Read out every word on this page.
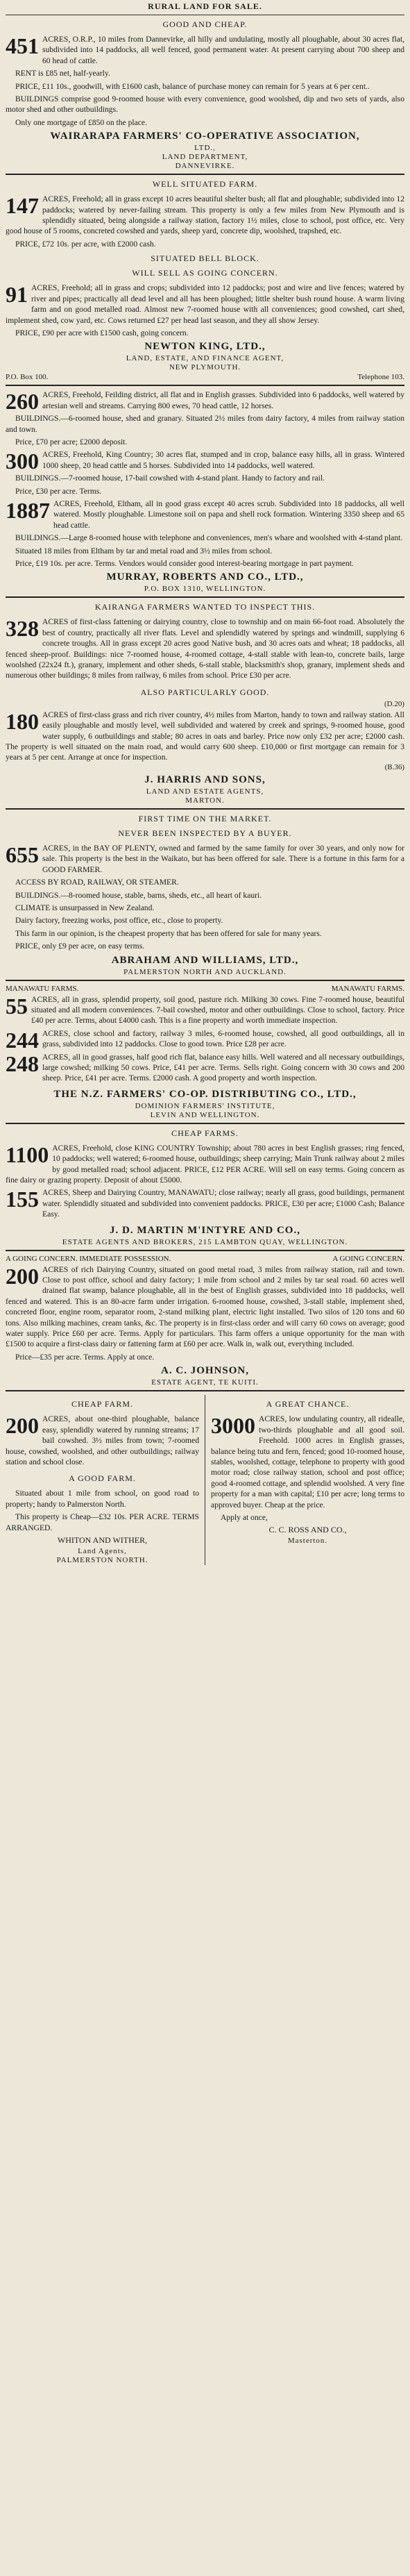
RURAL LAND FOR SALE.
GOOD AND CHEAP.

451 ACRES, O.R.P., 10 miles from Dannevirke, all hilly and undulating, mostly all ploughable, about 30 acres flat, subdivided into 14 paddocks, all well fenced, good permanent water. At present carrying about 700 sheep and 60 head of cattle.

RENT is £85 net, half-yearly.

PRICE, £11 10s., goodwill, with £1600 cash, balance of purchase money can remain for 5 years at 6 per cent..

BUILDINGS comprise good 9-roomed house with every convenience, good woolshed, dip and two sets of yards, also motor shed and other outbuildings.

Only one mortgage of £850 on the place.

WAIRARAPA FARMERS' CO-OPERATIVE ASSOCIATION,
LTD.,
LAND DEPARTMENT,
DANNEVIRKE.
WELL SITUATED FARM.

147 ACRES, Freehold; all in grass except 10 acres beautiful shelter bush; all flat and ploughable; subdivided into 12 paddocks; watered by never-failing stream. This property is only a few miles from New Plymouth and is splendidly situated, being alongside a railway station, factory 1½ miles, close to school, post office, etc. Very good house of 5 rooms, concreted cowshed and yards, sheep yard, concrete dip, woolshed, trapshed, etc.

PRICE, £72 10s. per acre, with £2000 cash.

SITUATED BELL BLOCK.
WILL SELL AS GOING CONCERN.

91 ACRES, Freehold; all in grass and crops; subdivided into 12 paddocks; post and wire and live fences; watered by river and pipes; practically all dead level and all has been ploughed; little shelter bush round house. A warm living farm and on good metalled road. Almost new 7-roomed house with all conveniences; good cowshed, cart shed, implement shed, cow yard, etc. Cows returned £27 per head last season, and they all show Jersey.

PRICE, £90 per acre with £1500 cash, going concern.

NEWTON KING, LTD.,
LAND, ESTATE, AND FINANCE AGENT,
NEW PLYMOUTH.
P.O. Box 100.	Telephone 103.

260 ACRES, Freehold, Feilding district, all flat and in English grasses. Subdivided into 6 paddocks, well watered by artesian well and streams. Carrying 800 ewes, 70 head cattle, 12 horses.

BUILDINGS.—6-roomed house, shed and granary. Situated 2½ miles from dairy factory, 4 miles from railway station and town.

Price, £70 per acre; £2000 deposit.

300 ACRES, Freehold, King Country; 30 acres flat, stumped and in crop, balance easy hills, all in grass. Wintered 1000 sheep, 20 head cattle and 5 horses. Subdivided into 14 paddocks, well watered.

BUILDINGS.—7-roomed house, 17-bail cowshed with 4-stand plant. Handy to factory and rail.

Price, £30 per acre. Terms.

1887 ACRES, Freehold, Eltham, all in good grass except 40 acres scrub. Subdivided into 18 paddocks, all well watered. Mostly ploughable. Limestone soil on papa and shell rock formation. Wintering 3350 sheep and 65 head cattle.

BUILDINGS.—Large 8-roomed house with telephone and conveniences, men's whare and woolshed with 4-stand plant.

Situated 18 miles from Eltham by tar and metal road and 3½ miles from school.

Price, £19 10s. per acre. Terms. Vendors would consider good interest-bearing mortgage in part payment.

MURRAY, ROBERTS AND CO., LTD.,
P.O. BOX 1310, WELLINGTON.
KAIRANGA FARMERS WANTED TO INSPECT THIS.

328 ACRES of first-class fattening or dairying country, close to township and on main 66-foot road. Absolutely the best of country, practically all river flats. Level and splendidly watered by springs and windmill, supplying 6 concrete troughs. All in grass except 20 acres good Native bush, and 30 acres oats and wheat; 18 paddocks, all fenced sheep-proof. Buildings: nice 7-roomed house, 4-roomed cottage, 4-stall stable with lean-to, concrete bails, large woolshed (22x24 ft.), granary, implement and other sheds, 6-stall stable, blacksmith's shop, granary, implement sheds and numerous other buildings; 8 miles from railway, 6 miles from school. Price £30 per acre.

ALSO PARTICULARLY GOOD.
(D.20)

180 ACRES of first-class grass and rich river country, 4½ miles from Marton, handy to town and railway station. All easily ploughable and mostly level, well subdivided and watered by creek and springs, 9-roomed house, good water supply, 6 outbuildings and stable; 80 acres in oats and barley. Price now only £32 per acre; £2000 cash. The property is well situated on the main road, and would carry 600 sheep. £10,000 or first mortgage can remain for 3 years at 5 per cent. Arrange at once for inspection.

(B.36)
J. HARRIS AND SONS,
LAND AND ESTATE AGENTS,
MARTON.
FIRST TIME ON THE MARKET.
NEVER BEEN INSPECTED BY A BUYER.

655 ACRES, in the BAY OF PLENTY, owned and farmed by the same family for over 30 years, and only now for sale. This property is the best in the Waikato, but has been offered for sale. There is a fortune in this farm for a GOOD FARMER.

ACCESS BY ROAD, RAILWAY, OR STEAMER.

BUILDINGS.—8-roomed house, stable, barns, sheds, etc., all heart of kauri.

CLIMATE is unsurpassed in New Zealand.

Dairy factory, freezing works, post office, etc., close to property.

This farm in our opinion, is the cheapest property that has been offered for sale for many years.

PRICE, only £9 per acre, on easy terms.

ABRAHAM AND WILLIAMS, LTD.,
PALMERSTON NORTH AND AUCKLAND.
MANAWATU FARMS.	MANAWATU FARMS.

55 ACRES, all in grass, splendid property, soil good, pasture rich. Milking 30 cows. Fine 7-roomed house, beautiful situated and all modern conveniences. 7-bail cowshed, motor and other outbuildings. Close to school, factory. Price £40 per acre. Terms, about £4000 cash. This is a fine property and worth immediate inspection.

244 ACRES, close school and factory, railway 3 miles, 6-roomed house, cowshed, all good outbuildings, all in grass, subdivided into 12 paddocks. Close to good town. Price £28 per acre.

248 ACRES, all in good grasses, half good rich flat, balance easy hills. Well watered and all necessary outbuildings, large cowshed; milking 50 cows. Price, £41 per acre. Terms. Sells right. Going concern with 30 cows and 200 sheep. Price, £41 per acre. Terms. £2000 cash. A good property and worth inspection.

THE N.Z. FARMERS' CO-OP. DISTRIBUTING CO., LTD.,
DOMINION FARMERS' INSTITUTE,
LEVIN AND WELLINGTON.
CHEAP FARMS.

1100 ACRES, Freehold, close KING COUNTRY Township; about 780 acres in best English grasses; ring fenced, 10 paddocks; well watered; 6-roomed house, outbuildings; sheep carrying; Main Trunk railway about 2 miles by good metalled road; school adjacent. PRICE, £12 PER ACRE. Will sell on easy terms. Going concern as fine dairy or grazing property. Deposit of about £5000.

155 ACRES, Sheep and Dairying Country, MANAWATU; close railway; nearly all grass, good buildings, permanent water. Splendidly situated and subdivided into convenient paddocks. PRICE, £30 per acre; £1000 Cash; Balance Easy.

J. D. MARTIN M'INTYRE AND CO.,
ESTATE AGENTS AND BROKERS, 215 LAMBTON QUAY, WELLINGTON.
A GOING CONCERN. IMMEDIATE POSSESSION.	A GOING CONCERN.

200 ACRES of rich Dairying Country, situated on good metal road, 3 miles from railway station, rail and town. Close to post office, school and dairy factory; 1 mile from school and 2 miles by tar seal road. 60 acres well drained flat swamp, balance ploughable, all in the best of English grasses, subdivided into 18 paddocks, well fenced and watered. This is an 80-acre farm under irrigation. 6-roomed house, cowshed, 3-stall stable, implement shed, concreted floor, engine room, separator room, 2-stand milking plant, electric light installed. Two silos of 120 tons and 60 tons. Also milking machines, cream tanks, &c. The property is in first-class order and will carry 60 cows on average; good water supply. Price £60 per acre. Terms. Apply for particulars. This farm offers a unique opportunity for the man with £1500 to acquire a first-class dairy or fattening farm at £60 per acre. Walk in, walk out, everything included.

Price—£35 per acre. Terms. Apply at once.

A. C. JOHNSON,
ESTATE AGENT, TE KUITI.
CHEAP FARM.

200 ACRES, about one-third ploughable, balance easy, splendidly watered by running streams; 17 bail cowshed. 3½ miles from town; 7-roomed house, cowshed, woolshed, and other outbuildings; railway station and school close.

A GOOD FARM.

Situated about 1 mile from school, on good road to property; handy to Palmerston North.

This property is Cheap—£32 10s. PER ACRE. TERMS ARRANGED.

WHITON AND WITHER,
Land Agents,
PALMERSTON NORTH.
A GREAT CHANCE.

3000 ACRES, low undulating country, all ridealle, two-thirds ploughable and all good soil. Freehold. 1000 acres in English grasses, balance being tutu and fern, fenced; good 10-roomed house, stables, woolshed, cottage, telephone to property with good motor road; close railway station, school and post office; good 4-roomed cottage, and splendid woolshed. A very fine property for a man with capital; £10 per acre; long terms to approved buyer. Cheap at the price.

Apply at once,

C. C. ROSS AND CO.,
Masterton.
